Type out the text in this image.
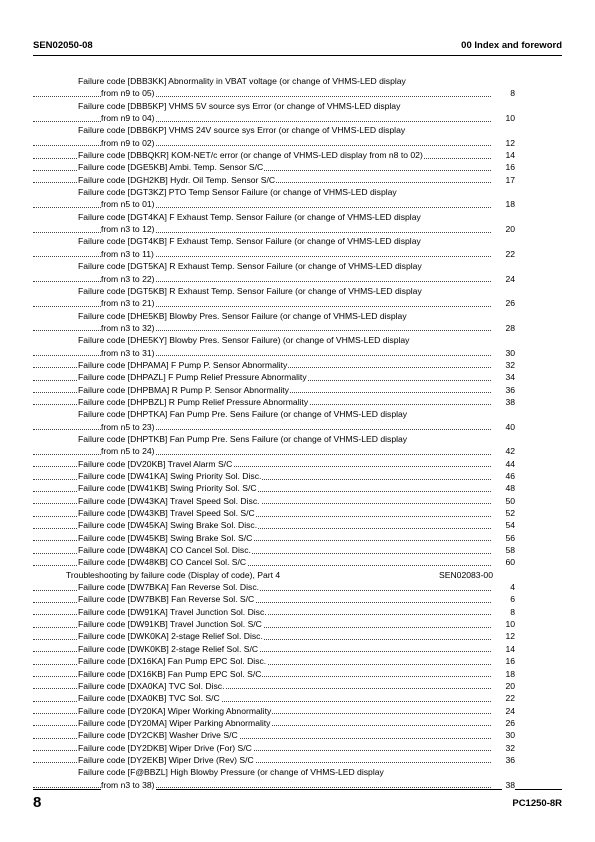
SEN02050-08	00 Index and foreword
Failure code [DBB3KK] Abnormality in VBAT voltage (or change of VHMS-LED display
from n9 to 05)	8
Failure code [DBB5KP] VHMS 5V source sys Error (or change of VHMS-LED display
from n9 to 04)	10
Failure code [DBB6KP] VHMS 24V source sys Error (or change of VHMS-LED display
from n9 to 02)	12
Failure code [DBBQKR] KOM-NET/c error (or change of VHMS-LED display from n8 to 02)	14
Failure code [DGE5KB] Ambi. Temp. Sensor S/C	16
Failure code [DGH2KB] Hydr. Oil Temp. Sensor S/C	17
Failure code [DGT3KZ] PTO Temp Sensor Failure (or change of VHMS-LED display
from n5 to 01)	18
Failure code [DGT4KA] F Exhaust Temp. Sensor Failure (or change of VHMS-LED display
from n3 to 12)	20
Failure code [DGT4KB] F Exhaust Temp. Sensor Failure (or change of VHMS-LED display
from n3 to 11)	22
Failure code [DGT5KA] R Exhaust Temp. Sensor Failure (or change of VHMS-LED display
from n3 to 22)	24
Failure code [DGT5KB] R Exhaust Temp. Sensor Failure (or change of VHMS-LED display
from n3 to 21)	26
Failure code [DHE5KB] Blowby Pres. Sensor Failure (or change of VHMS-LED display
from n3 to 32)	28
Failure code [DHE5KY] Blowby Pres. Sensor Failure) (or change of VHMS-LED display
from n3 to 31)	30
Failure code [DHPAMA] F Pump P. Sensor Abnormality	32
Failure code [DHPAZL] F Pump Relief Pressure Abnormality	34
Failure code [DHPBMA] R Pump P. Sensor Abnormality	36
Failure code [DHPBZL] R Pump Relief Pressure Abnormality	38
Failure code [DHPTKA] Fan Pump Pre. Sens Failure (or change of VHMS-LED display
from n5 to 23)	40
Failure code [DHPTKB] Fan Pump Pre. Sens Failure (or change of VHMS-LED display
from n5 to 24)	42
Failure code [DV20KB] Travel Alarm S/C	44
Failure code [DW41KA] Swing Priority Sol. Disc.	46
Failure code [DW41KB] Swing Priority Sol. S/C	48
Failure code [DW43KA] Travel Speed Sol. Disc.	50
Failure code [DW43KB] Travel Speed Sol. S/C	52
Failure code [DW45KA] Swing Brake Sol. Disc.	54
Failure code [DW45KB] Swing Brake Sol. S/C	56
Failure code [DW48KA] CO Cancel Sol. Disc.	58
Failure code [DW48KB] CO Cancel Sol. S/C	60
Troubleshooting by failure code (Display of code), Part 4	SEN02083-00
Failure code [DW7BKA] Fan Reverse Sol. Disc.	4
Failure code [DW7BKB] Fan Reverse Sol. S/C	6
Failure code [DW91KA] Travel Junction Sol. Disc.	8
Failure code [DW91KB] Travel Junction Sol. S/C	10
Failure code [DWK0KA] 2-stage Relief Sol. Disc.	12
Failure code [DWK0KB] 2-stage Relief Sol. S/C	14
Failure code [DX16KA] Fan Pump EPC Sol. Disc.	16
Failure code [DX16KB] Fan Pump EPC Sol. S/C	18
Failure code [DXA0KA] TVC Sol. Disc.	20
Failure code [DXA0KB] TVC Sol. S/C	22
Failure code [DY20KA] Wiper Working Abnormality	24
Failure code [DY20MA] Wiper Parking Abnormality	26
Failure code [DY2CKB] Washer Drive S/C	30
Failure code [DY2DKB] Wiper Drive (For) S/C	32
Failure code [DY2EKB] Wiper Drive (Rev) S/C	36
Failure code [F@BBZL] High Blowby Pressure (or change of VHMS-LED display
from n3 to 38)	38
8	PC1250-8R
